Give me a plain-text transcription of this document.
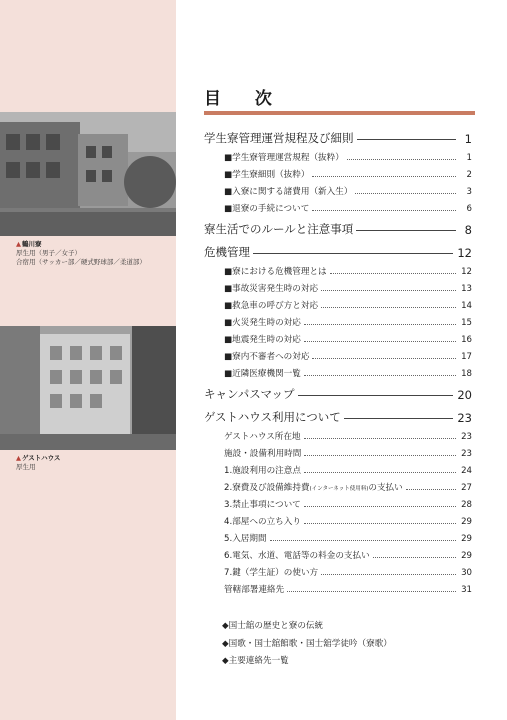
▲鶴川寮
厚生用（男子／女子）
合宿用（サッカー部／硬式野球部／柔道部）
▲ゲストハウス
厚生用
目 次
学生寮管理運営規程及び細則	1
■学生寮管理運営規程（抜粋）	1
■学生寮細則（抜粋）	2
■入寮に関する諸費用（新入生）	3
■退寮の手続について	6
寮生活でのルールと注意事項	8
危機管理	12
■寮における危機管理とは	12
■事故災害発生時の対応	13
■救急車の呼び方と対応	14
■火災発生時の対応	15
■地震発生時の対応	16
■寮内不審者への対応	17
■近隣医療機関一覧	18
キャンパスマップ	20
ゲストハウス利用について	23
ゲストハウス所在地	23
施設・設備利用時間	23
1.施設利用の注意点	24
2.寮費及び設備維持費(インターネット使用料)の支払い	27
3.禁止事項について	28
4.部屋への立ち入り	29
5.入居期間	29
6.電気、水道、電話等の料金の支払い	29
7.鍵（学生証）の使い方	30
管轄部署連絡先	31
◆国士舘の歴史と寮の伝統
◆国歌・国士舘館歌・国士舘学徒吟（寮歌）
◆主要連絡先一覧
